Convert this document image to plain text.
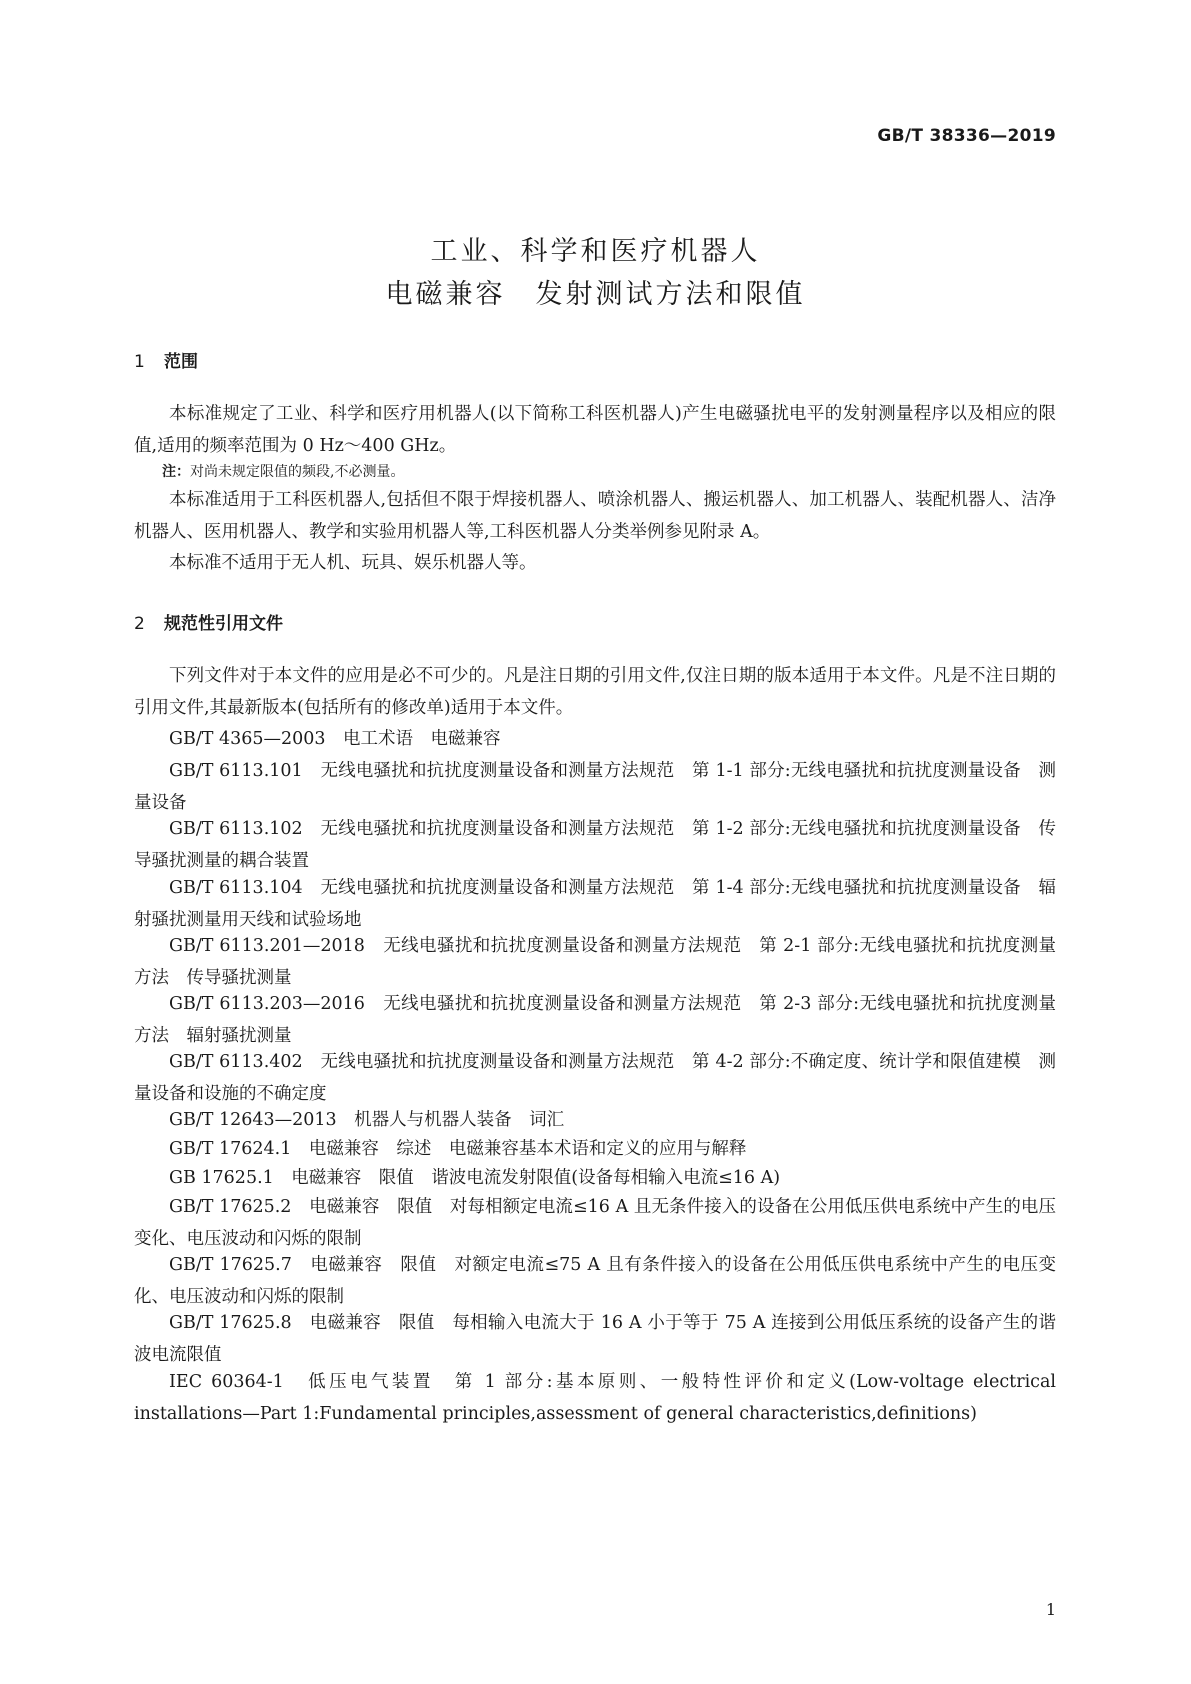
GB/T 38336—2019
工业、科学和医疗机器人
电磁兼容　发射测试方法和限值
1 范围
本标准规定了工业、科学和医疗用机器人(以下简称工科医机器人)产生电磁骚扰电平的发射测量程序以及相应的限值,适用的频率范围为 0 Hz～400 GHz。
注：对尚未规定限值的频段,不必测量。
本标准适用于工科医机器人,包括但不限于焊接机器人、喷涂机器人、搬运机器人、加工机器人、装配机器人、洁净机器人、医用机器人、教学和实验用机器人等,工科医机器人分类举例参见附录 A。
本标准不适用于无人机、玩具、娱乐机器人等。
2 规范性引用文件
下列文件对于本文件的应用是必不可少的。凡是注日期的引用文件,仅注日期的版本适用于本文件。凡是不注日期的引用文件,其最新版本(包括所有的修改单)适用于本文件。
GB/T 4365—2003　电工术语　电磁兼容
GB/T 6113.101　无线电骚扰和抗扰度测量设备和测量方法规范　第 1-1 部分:无线电骚扰和抗扰度测量设备　测量设备
GB/T 6113.102　无线电骚扰和抗扰度测量设备和测量方法规范　第 1-2 部分:无线电骚扰和抗扰度测量设备　传导骚扰测量的耦合装置
GB/T 6113.104　无线电骚扰和抗扰度测量设备和测量方法规范　第 1-4 部分:无线电骚扰和抗扰度测量设备　辐射骚扰测量用天线和试验场地
GB/T 6113.201—2018　无线电骚扰和抗扰度测量设备和测量方法规范　第 2-1 部分:无线电骚扰和抗扰度测量方法　传导骚扰测量
GB/T 6113.203—2016　无线电骚扰和抗扰度测量设备和测量方法规范　第 2-3 部分:无线电骚扰和抗扰度测量方法　辐射骚扰测量
GB/T 6113.402　无线电骚扰和抗扰度测量设备和测量方法规范　第 4-2 部分:不确定度、统计学和限值建模　测量设备和设施的不确定度
GB/T 12643—2013　机器人与机器人装备　词汇
GB/T 17624.1　电磁兼容　综述　电磁兼容基本术语和定义的应用与解释
GB 17625.1　电磁兼容　限值　谐波电流发射限值(设备每相输入电流≤16 A)
GB/T 17625.2　电磁兼容　限值　对每相额定电流≤16 A 且无条件接入的设备在公用低压供电系统中产生的电压变化、电压波动和闪烁的限制
GB/T 17625.7　电磁兼容　限值　对额定电流≤75 A 且有条件接入的设备在公用低压供电系统中产生的电压变化、电压波动和闪烁的限制
GB/T 17625.8　电磁兼容　限值　每相输入电流大于 16 A 小于等于 75 A 连接到公用低压系统的设备产生的谐波电流限值
IEC 60364-1　低压电气装置　第 1 部分:基本原则、一般特性评价和定义(Low-voltage electrical installations—Part 1:Fundamental principles,assessment of general characteristics,definitions)
1
